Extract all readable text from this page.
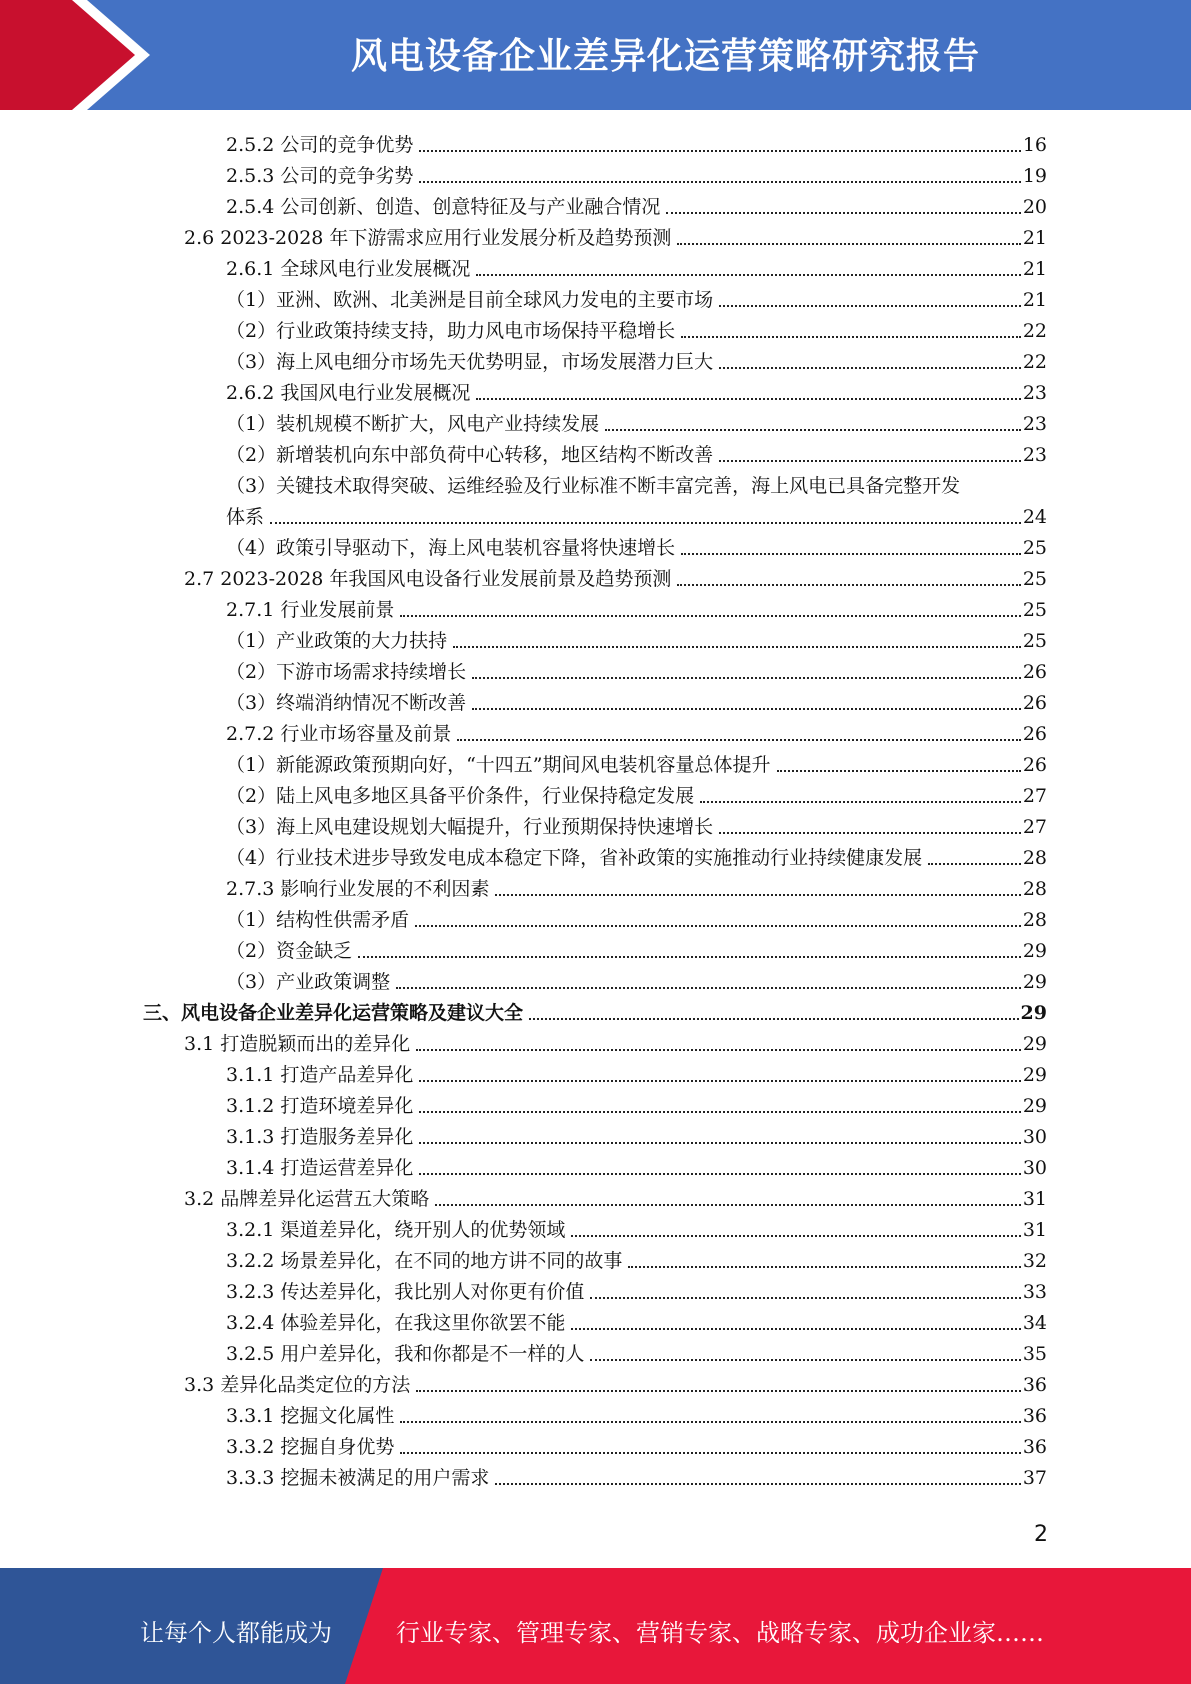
风电设备企业差异化运营策略研究报告
2.5.2 公司的竞争优势	16
2.5.3 公司的竞争劣势	19
2.5.4 公司创新、创造、创意特征及与产业融合情况	20
2.6 2023-2028 年下游需求应用行业发展分析及趋势预测	21
2.6.1 全球风电行业发展概况	21
（1）亚洲、欧洲、北美洲是目前全球风力发电的主要市场	21
（2）行业政策持续支持，助力风电市场保持平稳增长	22
（3）海上风电细分市场先天优势明显，市场发展潜力巨大	22
2.6.2 我国风电行业发展概况	23
（1）装机规模不断扩大，风电产业持续发展	23
（2）新增装机向东中部负荷中心转移，地区结构不断改善	23
（3）关键技术取得突破、运维经验及行业标准不断丰富完善，海上风电已具备完整开发
体系	24
（4）政策引导驱动下，海上风电装机容量将快速增长	25
2.7 2023-2028 年我国风电设备行业发展前景及趋势预测	25
2.7.1 行业发展前景	25
（1）产业政策的大力扶持	25
（2）下游市场需求持续增长	26
（3）终端消纳情况不断改善	26
2.7.2 行业市场容量及前景	26
（1）新能源政策预期向好，“十四五”期间风电装机容量总体提升	26
（2）陆上风电多地区具备平价条件，行业保持稳定发展	27
（3）海上风电建设规划大幅提升，行业预期保持快速增长	27
（4）行业技术进步导致发电成本稳定下降，省补政策的实施推动行业持续健康发展	28
2.7.3 影响行业发展的不利因素	28
（1）结构性供需矛盾	28
（2）资金缺乏	29
（3）产业政策调整	29
三、风电设备企业差异化运营策略及建议大全	29
3.1 打造脱颖而出的差异化	29
3.1.1 打造产品差异化	29
3.1.2 打造环境差异化	29
3.1.3 打造服务差异化	30
3.1.4 打造运营差异化	30
3.2 品牌差异化运营五大策略	31
3.2.1 渠道差异化，绕开别人的优势领域	31
3.2.2 场景差异化，在不同的地方讲不同的故事	32
3.2.3 传达差异化，我比别人对你更有价值	33
3.2.4 体验差异化，在我这里你欲罢不能	34
3.2.5 用户差异化，我和你都是不一样的人	35
3.3 差异化品类定位的方法	36
3.3.1 挖掘文化属性	36
3.3.2 挖掘自身优势	36
3.3.3 挖掘未被满足的用户需求	37
2
让每个人都能成为	行业专家、管理专家、营销专家、战略专家、成功企业家……
